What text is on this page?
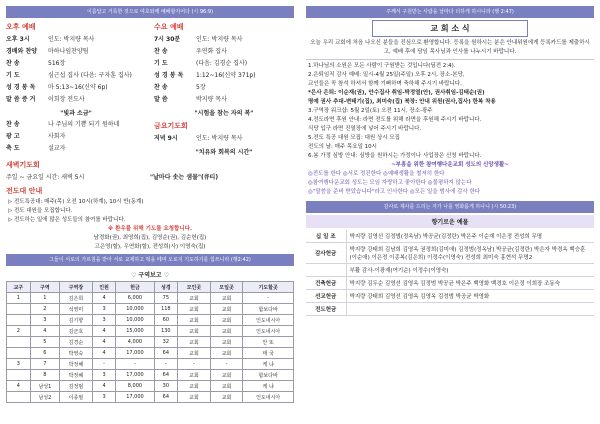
이름답고 거룩한 것으로 여호와께 예배할지어다 (시 96:9)
오후 예배
오후 3시	인도: 박지량 목사
경배와 찬양	마하나임찬양팀
찬 송	516장
기 도	심근섭 집사 (다음: 구자훈 집사)
성 경 봉 독	마 5:13~16(신약 6p)
말 씀 증 거	이희장 전도사
"빛과 소금"
찬 송	나 주님의 기쁨 되기 원하네
광 고	사회자
축 도	설교자
수요 예배
7시 30분	인도: 박지량 목사
찬 송	우연화 집사
기 도	(다음: 김경순 집사)
성 경 봉 독	1:12~16(신약 371p)
찬 송	5장
말 씀	박지량 목사
"시험을 참는 자의 복"
금요기도회
저녁 9시	인도: 박지량 목사
"치유와 회복의 시간"
새벽기도회
주일 ~ 금요일 시간: 새벽 5시	"날마다 솟는 샘물"(큐티)
전도대 안내
▷ 전도특공대: 매주(목) 오전 10시(하계), 10시 반(동계)
▷ 전도 대원을 모집합니다.
▷ 전도하는 일에 많은 성도들의 참여를 바랍니다.
※ 환우를 위해 기도를 요청합니다.
남경화(권), 최영희(집), 김영순(권), 김순헌(집)
고은영(할), 우연화(할), 전성희(사) 이영숙(집)
그들이 서로의 가르침을 받아 서로 교제하고 떡을 떼며 오로지 기도하기를 힘쓰니라 (행2:42)
♡ 구역보고 ♡
교구	구역	구역장	인원	헌금	성경	모인곳	모일곳	기도할곳
1	1	김은희	4	6,000	75	교회	교회	-
	2	석영미	3	10,000	118	교회	교회	합보다바
	3	김기향	3	10,000	60	교회	교회	인도네시아
2	4	김군호	4	15,000	130	교회	교회	인도네시아
	5	김경순	4	4,000	32	교회	교회	안 또
	6	박영숙	4	17,000	64	교회	교회	태 국
3	7	박정혜	-	-	-	-	-	케 냐
	8	박정혜	3	17,000	64	교회	교회	합보다바
4	남성1	김정범	4	8,000	30	교회	교회	케 냐
	남성2	이종필	3	17,000	64	교회	교회	인도네시아
주께서 구원받는 사람을 날마다 더하게 하시니라 (행 2:47)
교 회 소 식
오늘 우리 교회에 처음 나오신 분들을 진심으로 환영합니다. 등록을 원하시는 분은 안내위원에게 등록카드를 제출하시고, 예배 후에 담임 목사님과 인사를 나누시기 바랍니다.
1.하나님의 소원은 모든 사람이 구원받는 것입니다(딤전 2:4).
2.은퇴임직 감사 예배: 일시-4월 25일(주일) 오후 2시, 장소-본당,
교인들은 꼭 참석 하셔서 함께 기뻐하며 축하해 주시기 바랍니다.
*은사 은퇴: 이순재(권), 안수집사 취임-박정열(안), 권사취임-김태순(권)
명예 권사 추대-변태기(집), 최미숙(집) 북장: 안내 위원(권사,집사) 한복 착용
3.구역장 워크샵: 5월 2일(토) 오전 11시, 장소-광주
4.전도라면 후원 안내: 라면 전도를 위해 라면을 후원해 주시기 바랍니다.
식당 입구 라면 진열장에 넣어 주시기 바랍니다.
5.전도 특공 대원 모집: 대원 상시 모집
전도의 날: 매주 목요일 10시
6.봄 가정 심방 안내: 심방을 원하시는 가정이나 사업장은 신청 바랍니다.
~부흥을 위한 참여행다운교회 성도의 신앙생활~
◎전도를 한다 ◎서로 정진한다 ◎예배생활을 철저히 한다
◎참여행다운교회 성도는 모임 자랑하고 좋아한다 ◎불평하지 않는다
◎"말씀을 준비 받았습니다"라고 인사한다 ◎모든 일을 범사에 감사 한다
감사로 제사를 드리는 자가 나를 영화롭게 하나니 (시 50:23)
향기로운 예물
십 일 조	박지량 김영선 김정범(정옥남) 박공균(김정란) 박은주 이순재 이은정 전성희 무명
감사헌금	박지량 강태희 김남희 김영옥 권정희(김미애) 김정범(정옥남) 박공균(김정란) 박은자 박경옥 백승훈(이순애) 이은정 이종복(김은희) 이정수(이영숙) 전성희 최미숙 홍현석 무명2
	부활 감사-이광재(여기순) 이정수(이영숙)
건축헌금	박지량 김두순 김영선 김영옥 김정범 박공균 박은주 백영화 백경호 이은정 이희장 조동숙
선교헌금	박지량 강태희 김영선 김영옥 김영옥 김정범 박공균 박영화
전도헌금	
